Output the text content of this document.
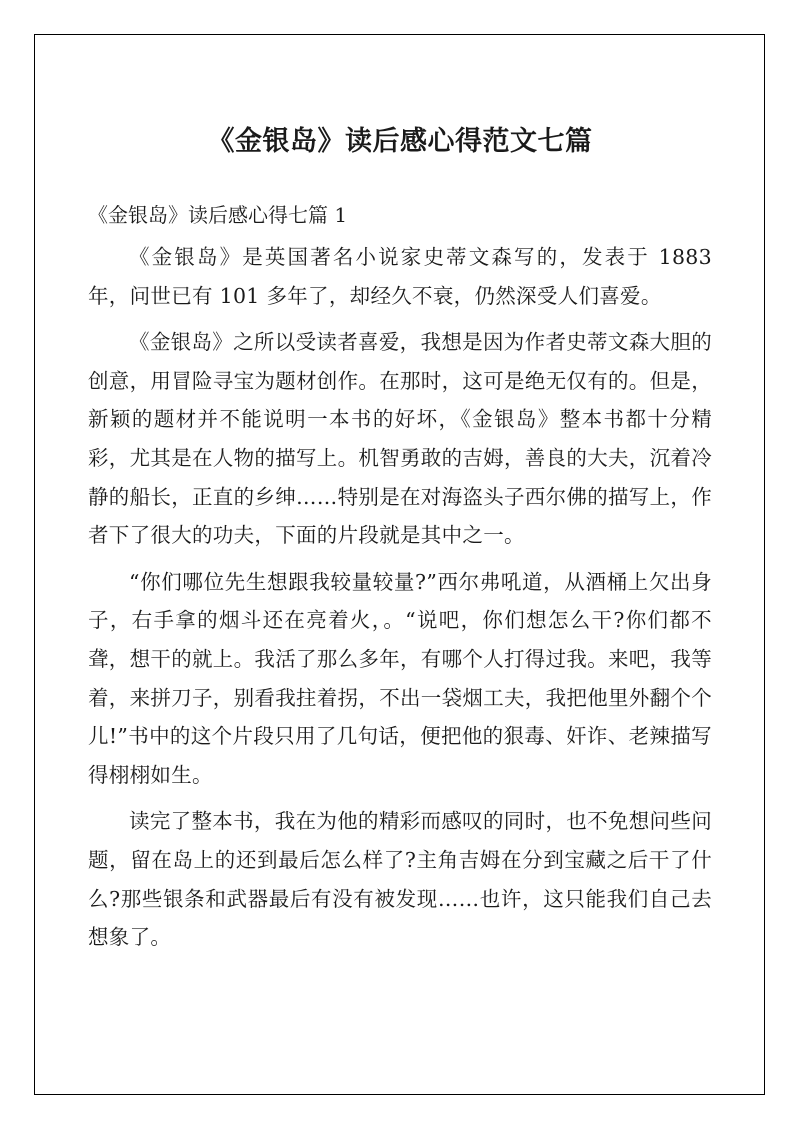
《金银岛》读后感心得范文七篇
《金银岛》读后感心得七篇 1

《金银岛》是英国著名小说家史蒂文森写的，发表于 1883 年，问世已有 101 多年了，却经久不衰，仍然深受人们喜爱。

《金银岛》之所以受读者喜爱，我想是因为作者史蒂文森大胆的创意，用冒险寻宝为题材创作。在那时，这可是绝无仅有的。但是，新颖的题材并不能说明一本书的好坏，《金银岛》整本书都十分精彩，尤其是在人物的描写上。机智勇敢的吉姆，善良的大夫，沉着冷静的船长，正直的乡绅……特别是在对海盗头子西尔佛的描写上，作者下了很大的功夫，下面的片段就是其中之一。

“你们哪位先生想跟我较量较量?”西尔弗吼道，从酒桶上欠出身子，右手拿的烟斗还在亮着火，。“说吧，你们想怎么干?你们都不聋，想干的就上。我活了那么多年，有哪个人打得过我。来吧，我等着，来拼刀子，别看我拄着拐，不出一袋烟工夫，我把他里外翻个个儿!”书中的这个片段只用了几句话，便把他的狠毒、奸诈、老辣描写得栩栩如生。

读完了整本书，我在为他的精彩而感叹的同时，也不免想问些问题，留在岛上的还到最后怎么样了?主角吉姆在分到宝藏之后干了什么?那些银条和武器最后有没有被发现……也许，这只能我们自己去想象了。
